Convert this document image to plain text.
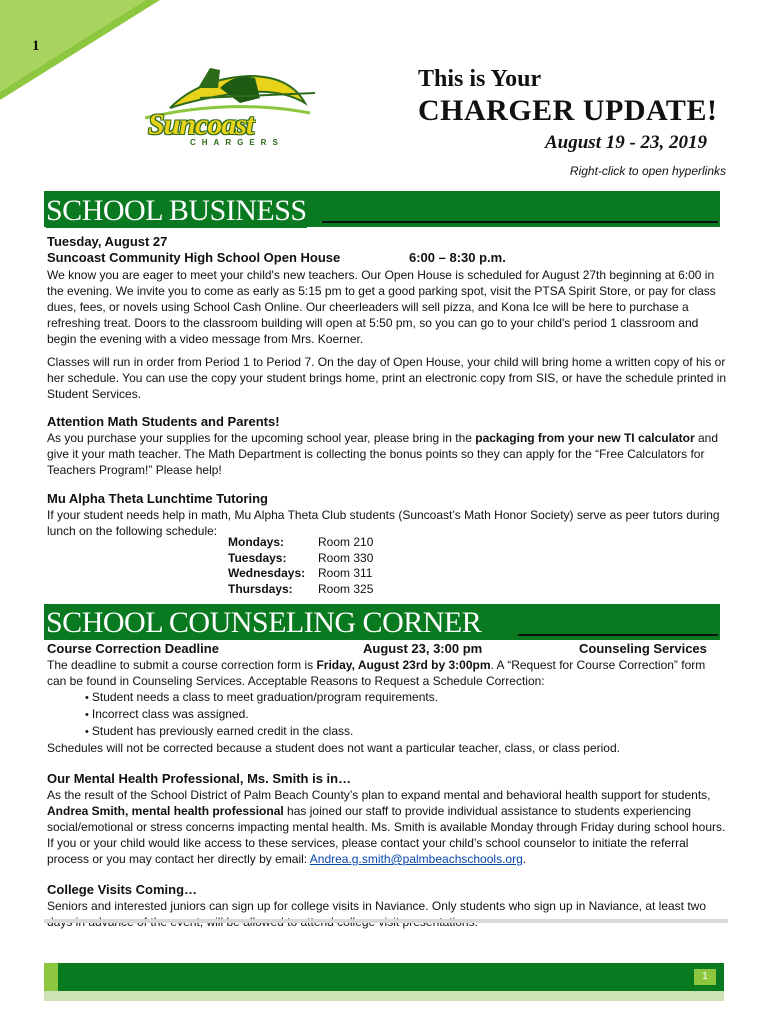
1
Suncoast
CHARGERS
This is Your
CHARGER UPDATE!
August 19 - 23, 2019
Right-click to open hyperlinks
SCHOOL BUSINESS

Tuesday, August 27

Suncoast Community High School Open House	6:00 – 8:30 p.m.

We know you are eager to meet your child's new teachers. Our Open House is scheduled for August 27th beginning at 6:00 in the evening. We invite you to come as early as 5:15 pm to get a good parking spot, visit the PTSA Spirit Store, or pay for class dues, fees, or novels using School Cash Online. Our cheerleaders will sell pizza, and Kona Ice will be here to purchase a refreshing treat. Doors to the classroom building will open at 5:50 pm, so you can go to your child's period 1 classroom and begin the evening with a video message from Mrs. Koerner.

Classes will run in order from Period 1 to Period 7. On the day of Open House, your child will bring home a written copy of his or her schedule. You can use the copy your student brings home, print an electronic copy from SIS, or have the schedule printed in Student Services.

Attention Math Students and Parents!

As you purchase your supplies for the upcoming school year, please bring in the packaging from your new TI calculator and give it your math teacher. The Math Department is collecting the bonus points so they can apply for the “Free Calculators for Teachers Program!” Please help!

Mu Alpha Theta Lunchtime Tutoring

If your student needs help in math, Mu Alpha Theta Club students (Suncoast’s Math Honor Society) serve as peer tutors during lunch on the following schedule:

Mondays:	Room 210
Tuesdays:	Room 330
Wednesdays: Room 311
Thursdays: Room 325
SCHOOL COUNSELING CORNER
Course Correction Deadline	August 23, 3:00 pm	Counseling Services

The deadline to submit a course correction form is Friday, August 23rd by 3:00pm. A “Request for Course Correction” form can be found in Counseling Services. Acceptable Reasons to Request a Schedule Correction:

• Student needs a class to meet graduation/program requirements.
• Incorrect class was assigned.
• Student has previously earned credit in the class.

Schedules will not be corrected because a student does not want a particular teacher, class, or class period.

Our Mental Health Professional, Ms. Smith is in…

As the result of the School District of Palm Beach County’s plan to expand mental and behavioral health support for students, Andrea Smith, mental health professional has joined our staff to provide individual assistance to students experiencing social/emotional or stress concerns impacting mental health. Ms. Smith is available Monday through Friday during school hours. If you or your child would like access to these services, please contact your child’s school counselor to initiate the referral process or you may contact her directly by email: Andrea.g.smith@palmbeachschools.org.

College Visits Coming…

Seniors and interested juniors can sign up for college visits in Naviance. Only students who sign up in Naviance, at least two

1
